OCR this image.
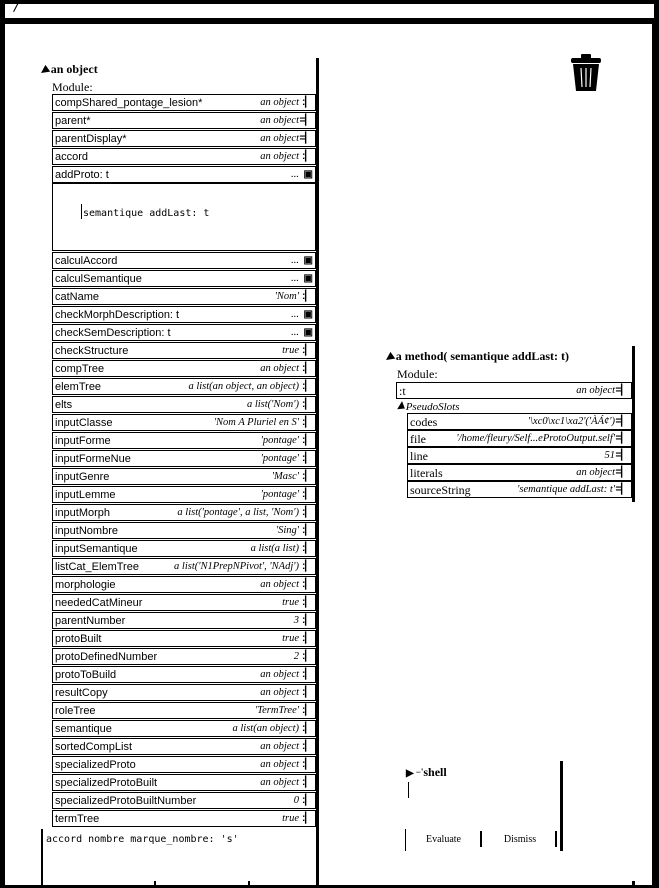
/
◀an object
Module:
compShared_pontage_lesion*	an object :▏
parent*	an object =▏
parentDisplay*	an object =▏
accord	an object :▏
addProto: t	... ▣
calculAccord	... ▣
calculSemantique	... ▣
catName	'Nom' :▏
checkMorphDescription: t	... ▣
checkSemDescription: t	... ▣
checkStructure	true :▏
compTree	an object :▏
elemTree	a list(an object, an object) :▏
elts	a list('Nom') :▏
inputClasse	'Nom A Pluriel en S' :▏
inputForme	'pontage' :▏
inputFormeNue	'pontage' :▏
inputGenre	'Masc' :▏
inputLemme	'pontage' :▏
inputMorph	a list('pontage', a list, 'Nom') :▏
inputNombre	'Sing' :▏
inputSemantique	a list(a list) :▏
listCat_ElemTree	a list('N1PrepNPivot', 'NAdj') :▏
morphologie	an object :▏
neededCatMineur	true :▏
parentNumber	3 :▏
protoBuilt	true :▏
protoDefinedNumber	2 :▏
protoToBuild	an object :▏
resultCopy	an object :▏
roleTree	'TermTree' :▏
semantique	a list(an object) :▏
sortedCompList	an object :▏
specializedProto	an object :▏
specializedProtoBuilt	an object :▏
specializedProtoBuiltNumber	0 :▏
termTree	true :▏
semantique addLast: t
accord nombre marque_nombre: 's'
◀a method( semantique addLast: t)
Module:
:t	an object =▏
◀PseudoSlots
codes	'\xc0\xc1\xa2'('ÀÁ¢') =▏
file	'/home/fleury/Self...eProtoOutput.self' =▏
line	51 =▏
literals	an object =▏
sourceString	'semantique addLast: t' =▏
▶ −'shell
Evaluate	Dismiss
